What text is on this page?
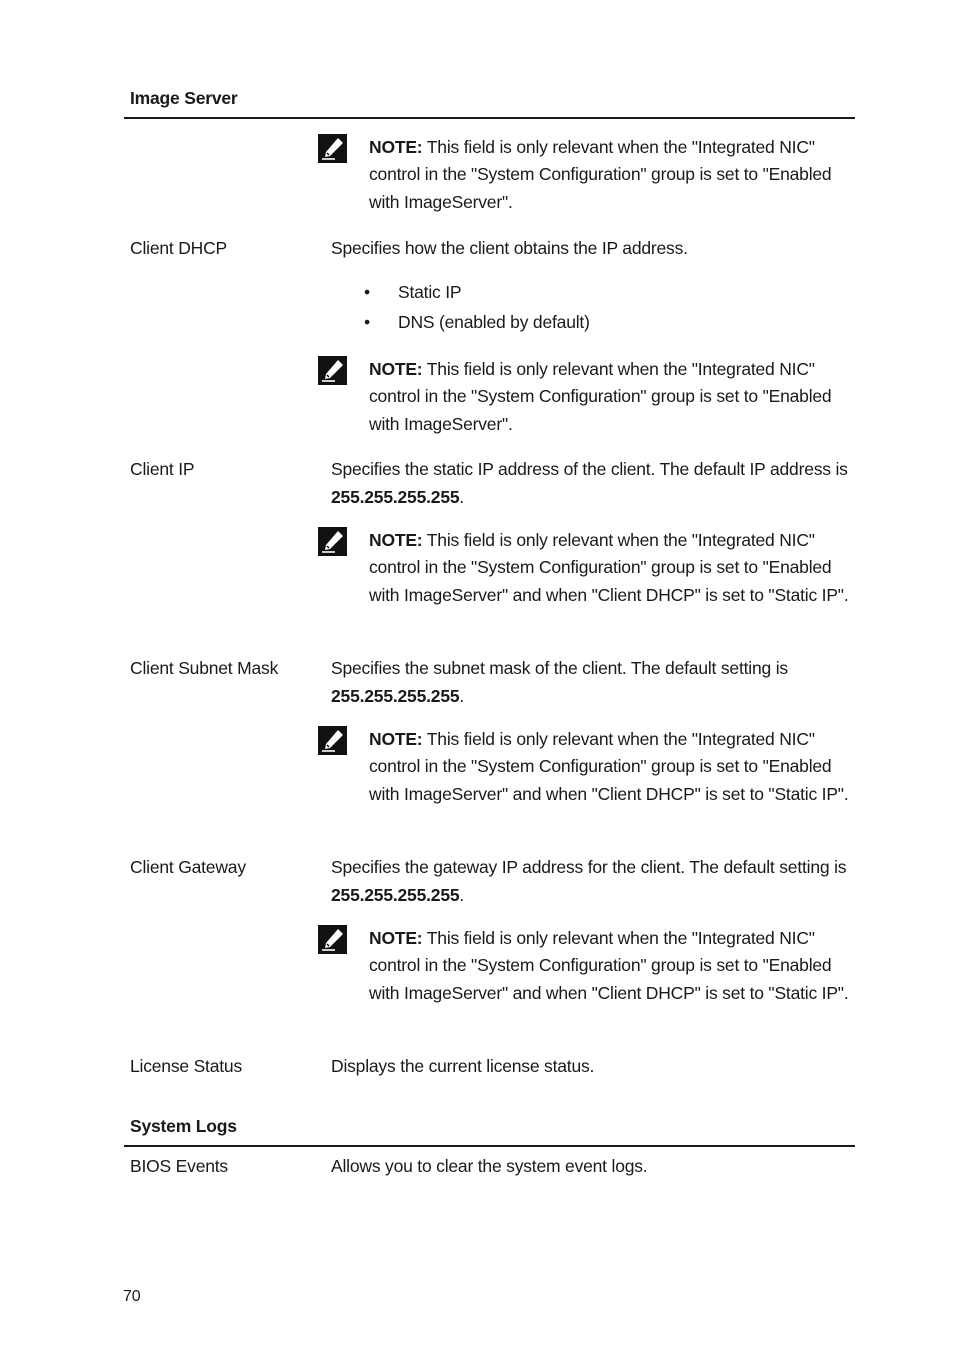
Image Server
NOTE: This field is only relevant when the "Integrated NIC" control in the "System Configuration" group is set to "Enabled with ImageServer".
Client DHCP	Specifies how the client obtains the IP address.
• Static IP
• DNS (enabled by default)
NOTE: This field is only relevant when the "Integrated NIC" control in the "System Configuration" group is set to "Enabled with ImageServer".
Client IP	Specifies the static IP address of the client. The default IP address is 255.255.255.255.
NOTE: This field is only relevant when the "Integrated NIC" control in the "System Configuration" group is set to "Enabled with ImageServer" and when "Client DHCP" is set to "Static IP".
Client Subnet Mask	Specifies the subnet mask of the client. The default setting is 255.255.255.255.
NOTE: This field is only relevant when the "Integrated NIC" control in the "System Configuration" group is set to "Enabled with ImageServer" and when "Client DHCP" is set to "Static IP".
Client Gateway	Specifies the gateway IP address for the client. The default setting is 255.255.255.255.
NOTE: This field is only relevant when the "Integrated NIC" control in the "System Configuration" group is set to "Enabled with ImageServer" and when "Client DHCP" is set to "Static IP".
License Status	Displays the current license status.
System Logs
BIOS Events	Allows you to clear the system event logs.
70
